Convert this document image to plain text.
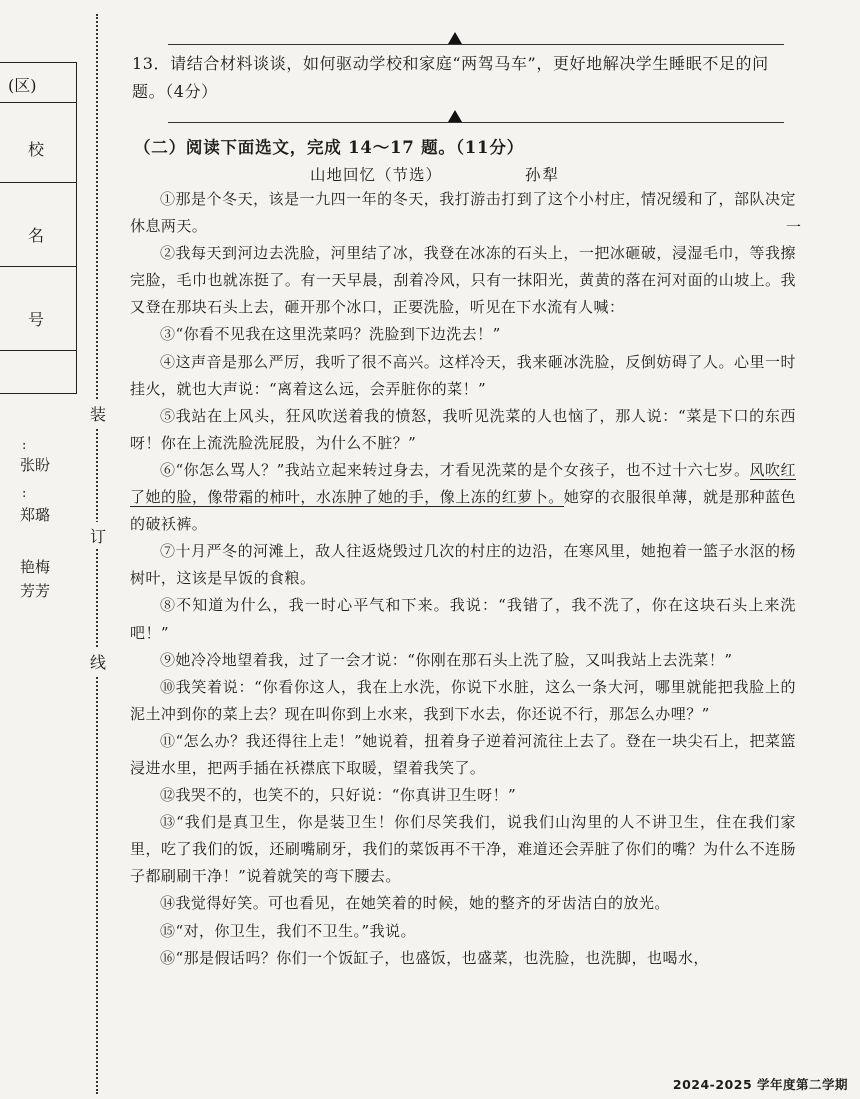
(区)
校
名
号
:
张盼
:
郑璐
艳梅
芳芳
装
订
线
13．请结合材料谈谈，如何驱动学校和家庭“两驾马车”，更好地解决学生睡眠不足的问题。（4分）
（二）阅读下面选文，完成 14～17 题。（11分）
山地回忆（节选）	孙犁
一

①那是个冬天，该是一九四一年的冬天，我打游击打到了这个小村庄，情况缓和了，部队决定休息两天。

②我每天到河边去洗脸，河里结了冰，我登在冰冻的石头上，一把冰砸破，浸湿毛巾，等我擦完脸，毛巾也就冻挺了。有一天早晨，刮着冷风，只有一抹阳光，黄黄的落在河对面的山坡上。我又登在那块石头上去，砸开那个冰口，正要洗脸，听见在下水流有人喊：

③“你看不见我在这里洗菜吗？洗脸到下边洗去！”

④这声音是那么严厉，我听了很不高兴。这样冷天，我来砸冰洗脸，反倒妨碍了人。心里一时挂火，就也大声说：“离着这么远，会弄脏你的菜！”

⑤我站在上风头，狂风吹送着我的愤怒，我听见洗菜的人也恼了，那人说：“菜是下口的东西呀！你在上流洗脸洗屁股，为什么不脏？”

⑥“你怎么骂人？”我站立起来转过身去，才看见洗菜的是个女孩子，也不过十六七岁。风吹红了她的脸，像带霜的柿叶，水冻肿了她的手，像上冻的红萝卜。她穿的衣服很单薄，就是那种蓝色的破袄裤。

⑦十月严冬的河滩上，敌人往返烧毁过几次的村庄的边沿，在寒风里，她抱着一篮子水沤的杨树叶，这该是早饭的食粮。

⑧不知道为什么，我一时心平气和下来。我说：“我错了，我不洗了，你在这块石头上来洗吧！”

⑨她冷冷地望着我，过了一会才说：“你刚在那石头上洗了脸，又叫我站上去洗菜！”

⑩我笑着说：“你看你这人，我在上水洗，你说下水脏，这么一条大河，哪里就能把我脸上的泥土冲到你的菜上去？现在叫你到上水来，我到下水去，你还说不行，那怎么办哩？”

⑪“怎么办？我还得往上走！”她说着，扭着身子逆着河流往上去了。登在一块尖石上，把菜篮浸进水里，把两手插在袄襟底下取暖，望着我笑了。

⑫我哭不的，也笑不的，只好说：“你真讲卫生呀！”

⑬“我们是真卫生，你是装卫生！你们尽笑我们，说我们山沟里的人不讲卫生，住在我们家里，吃了我们的饭，还刷嘴刷牙，我们的菜饭再不干净，难道还会弄脏了你们的嘴？为什么不连肠子都刷刷干净！”说着就笑的弯下腰去。

⑭我觉得好笑。可也看见，在她笑着的时候，她的整齐的牙齿洁白的放光。

⑮“对，你卫生，我们不卫生。”我说。

⑯“那是假话吗？你们一个饭缸子，也盛饭，也盛菜，也洗脸，也洗脚，也喝水，

2024-2025 学年度第二学期
